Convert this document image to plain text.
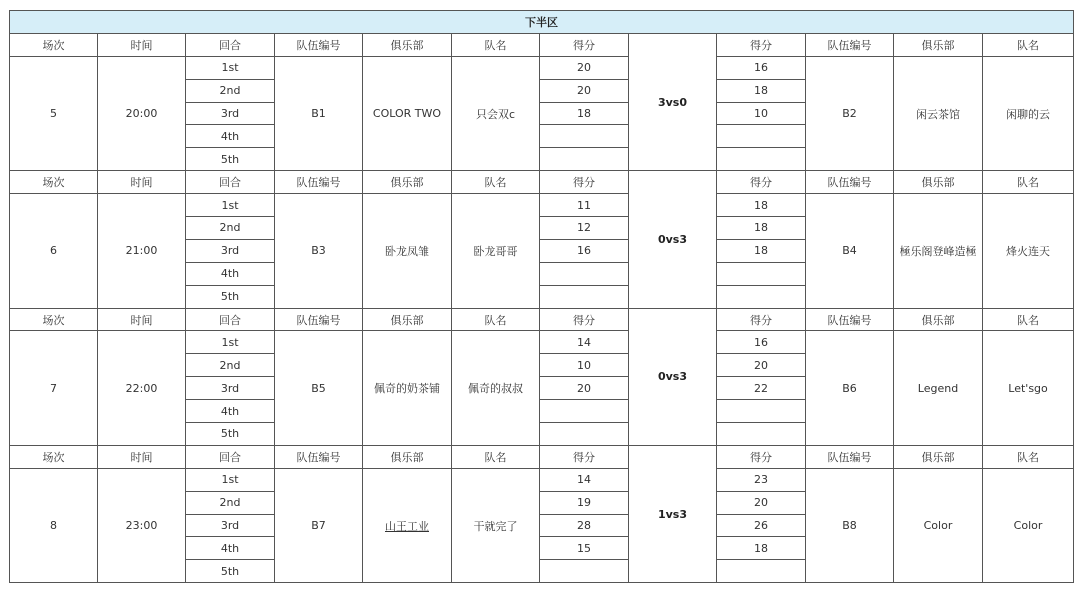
下半区											
场次	时间	回合	队伍编号	俱乐部	队名	得分	3vs0	得分	队伍编号	俱乐部	队名
5	20:00	1st	B1	COLOR TWO	只会双c	20		16	B2	闲云茶馆	闲聊的云
		2nd				20		18			
		3rd				18		10			
		4th									
		5th									
场次	时间	回合	队伍编号	俱乐部	队名	得分	0vs3	得分	队伍编号	俱乐部	队名
6	21:00	1st	B3	卧龙凤雏	卧龙哥哥	11		18	B4	極乐阁登峰造極	烽火连天
		2nd				12		18			
		3rd				16		18			
		4th									
		5th									
场次	时间	回合	队伍编号	俱乐部	队名	得分	0vs3	得分	队伍编号	俱乐部	队名
7	22:00	1st	B5	佩奇的奶茶铺	佩奇的叔叔	14		16	B6	Legend	Let'sgo
		2nd				10		20			
		3rd				20		22			
		4th									
		5th									
场次	时间	回合	队伍编号	俱乐部	队名	得分	1vs3	得分	队伍编号	俱乐部	队名
8	23:00	1st	B7	山王工业	干就完了	14		23	B8	Color	Color
		2nd				19		20			
		3rd				28		26			
		4th				15		18			
		5th									
